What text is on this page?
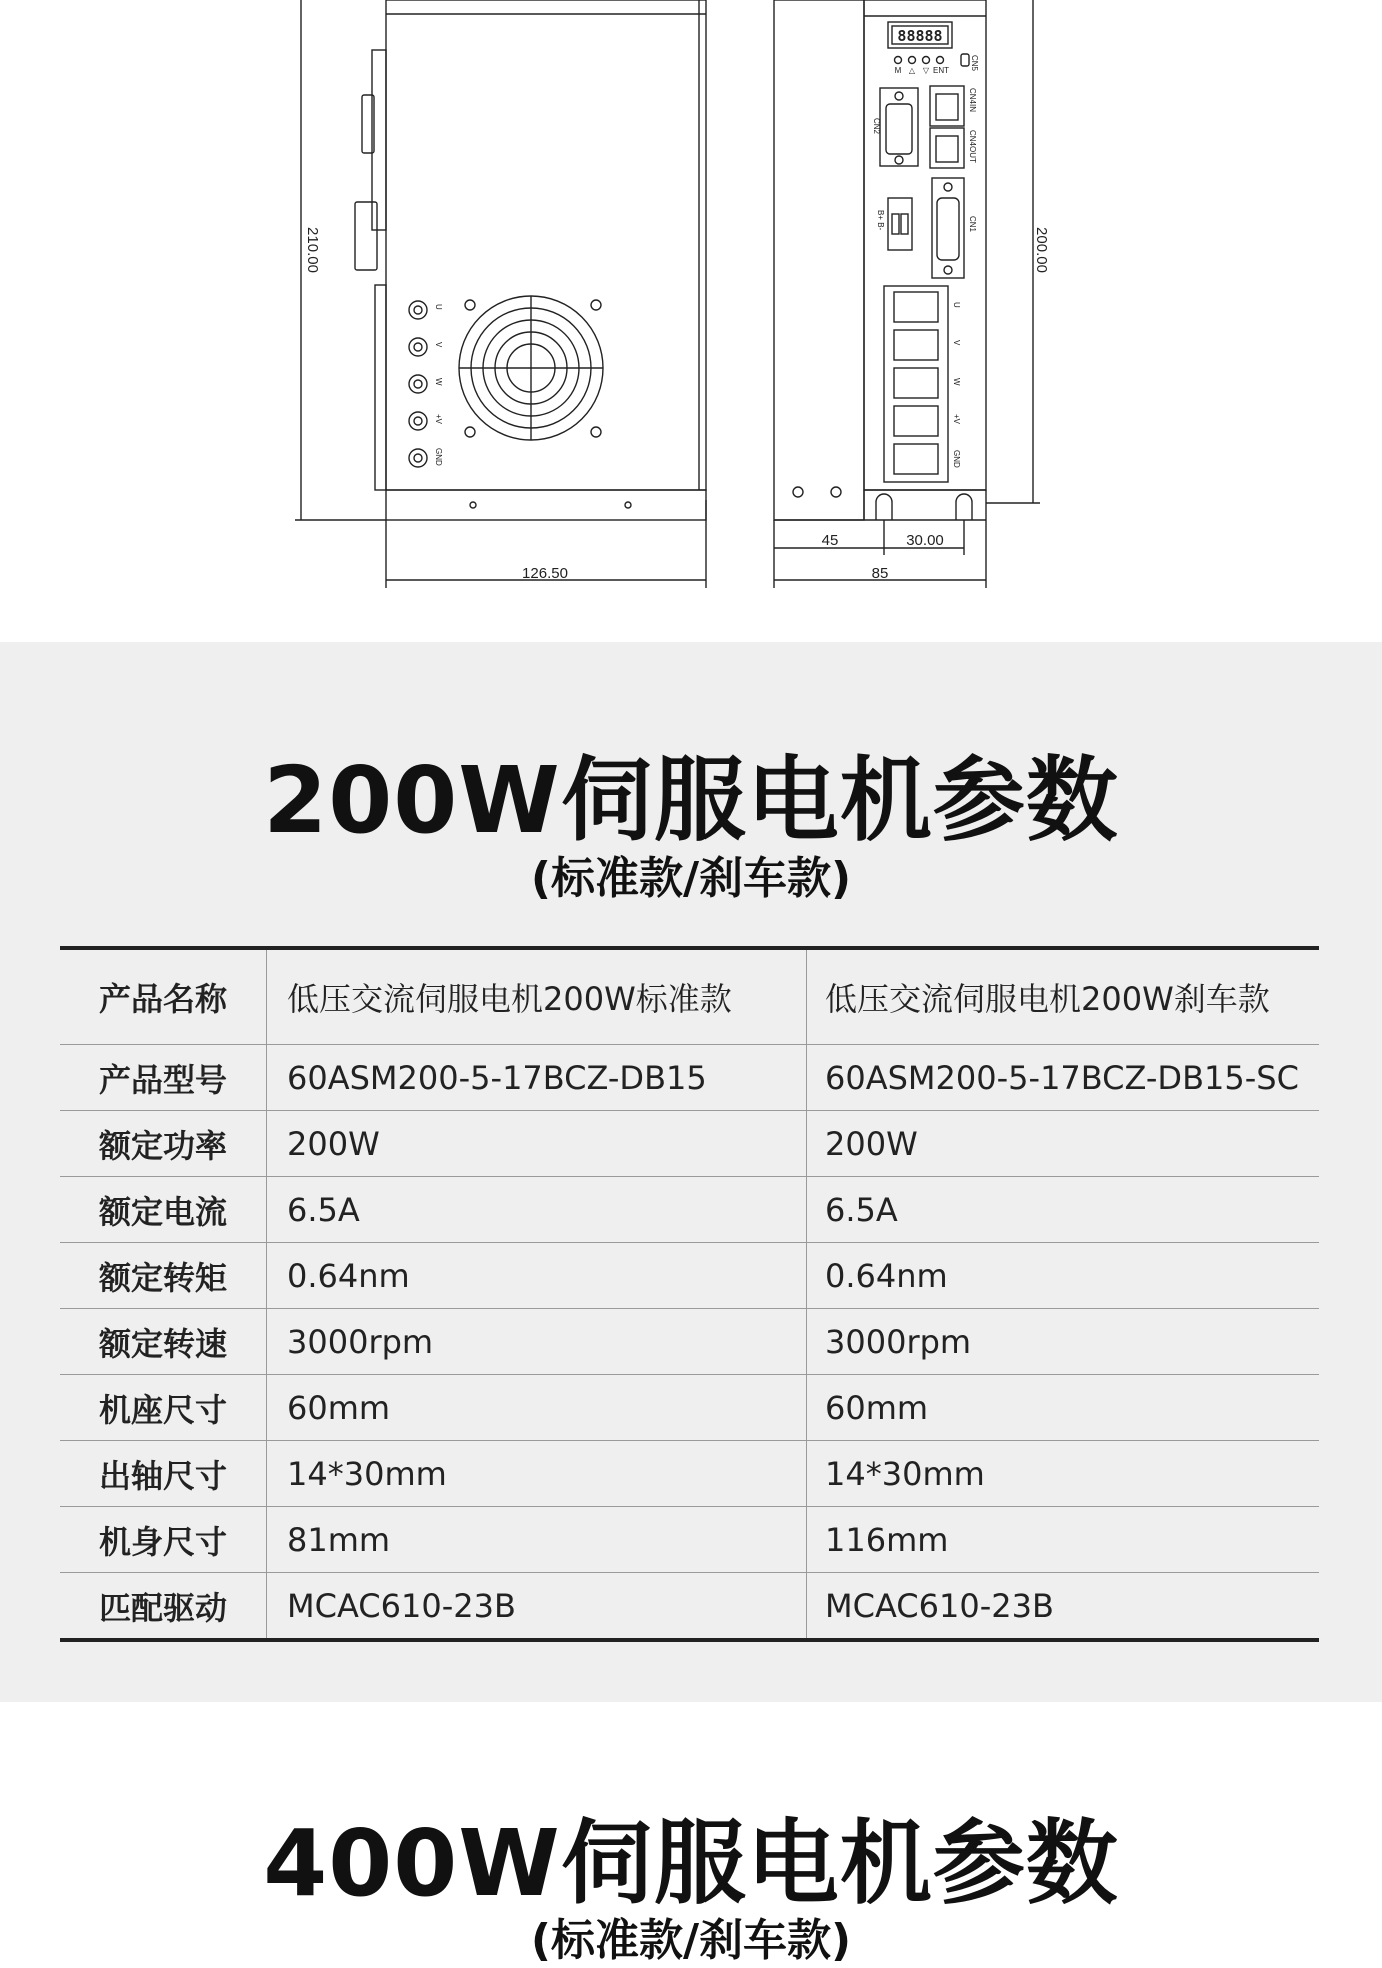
210.00
126.50
200.00
45	30.00
85
88888
M △ ▽ ENT	CN5
CN2
CN4IN
CN4OUT
CN1
B+ B-
U
V
W
+V
GND
U
V
W
+V
GND
200W伺服电机参数
(标准款/刹车款)
产品名称	低压交流伺服电机200W标准款	低压交流伺服电机200W刹车款
产品型号	60ASM200-5-17BCZ-DB15	60ASM200-5-17BCZ-DB15-SC
额定功率	200W	200W
额定电流	6.5A	6.5A
额定转矩	0.64nm	0.64nm
额定转速	3000rpm	3000rpm
机座尺寸	60mm	60mm
出轴尺寸	14*30mm	14*30mm
机身尺寸	81mm	116mm
匹配驱动	MCAC610-23B	MCAC610-23B
400W伺服电机参数
(标准款/刹车款)
